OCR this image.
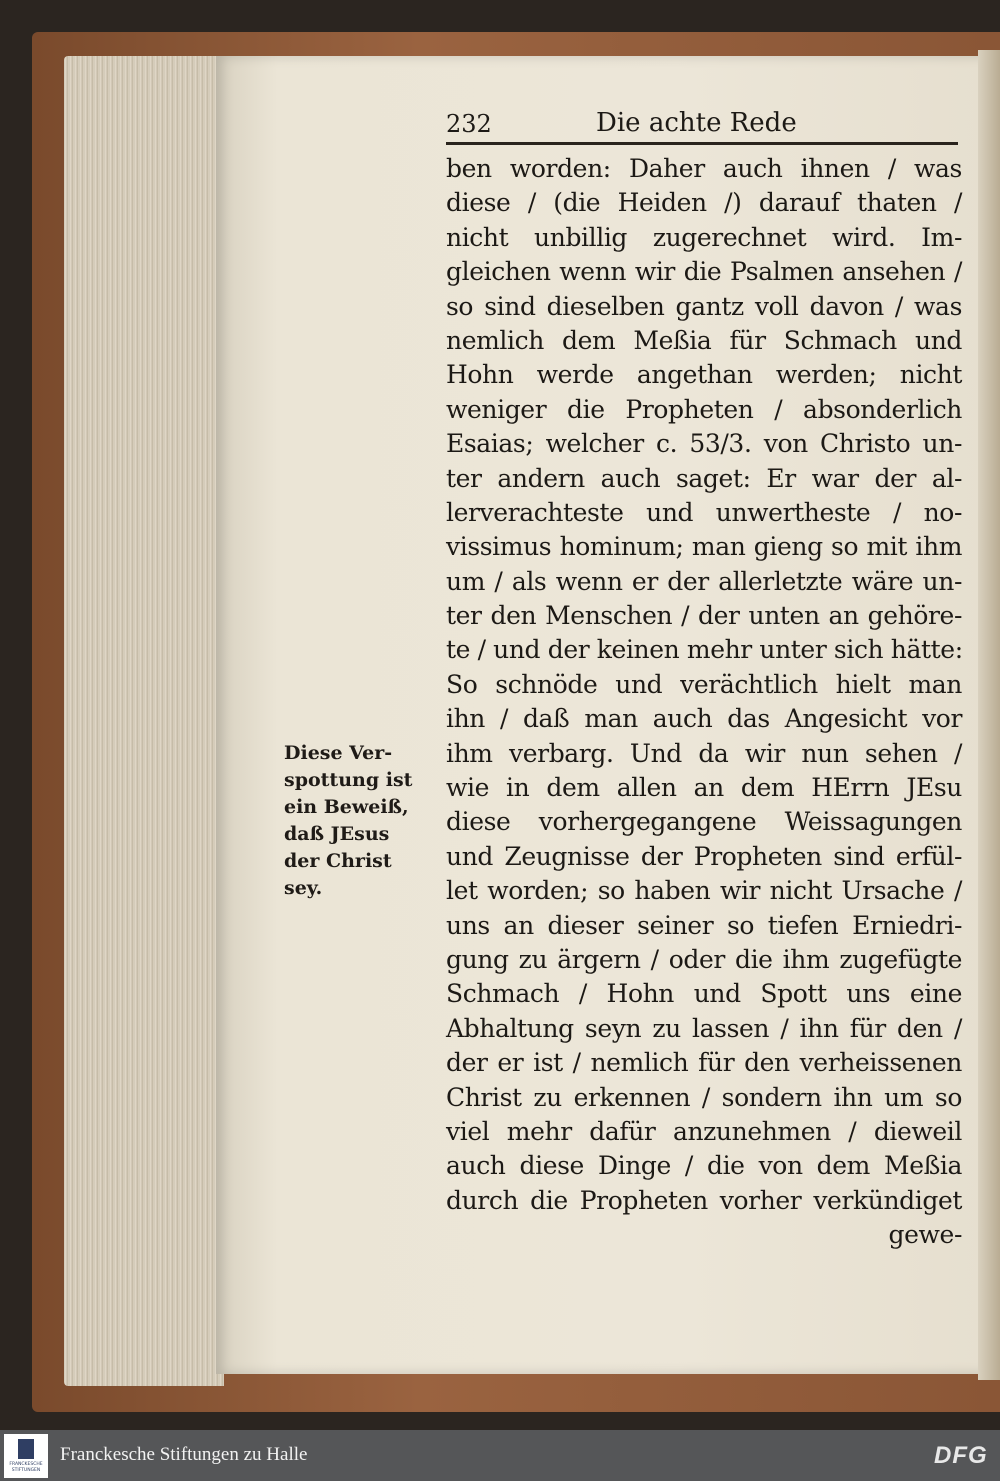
232	Die achte Rede
ben worden: Daher auch ihnen / was
diese / (die Heiden /) darauf thaten /
nicht unbillig zugerechnet wird. Im-
gleichen wenn wir die Psalmen ansehen /
so sind dieselben gantz voll davon / was
nemlich dem Meßia für Schmach und
Hohn werde angethan werden; nicht
weniger die Propheten / absonderlich
Esaias; welcher c. 53/3. von Christo un-
ter andern auch saget: Er war der al-
lerverachteste und unwertheste / no-
vissimus hominum; man gieng so mit ihm
um / als wenn er der allerletzte wäre un-
ter den Menschen / der unten an gehöre-
te / und der keinen mehr unter sich hätte:
So schnöde und verächtlich hielt man
ihn / daß man auch das Angesicht vor
ihm verbarg. Und da wir nun sehen /
wie in dem allen an dem HErrn JEsu
diese vorhergegangene Weissagungen
und Zeugnisse der Propheten sind erfül-
let worden; so haben wir nicht Ursache /
uns an dieser seiner so tiefen Erniedri-
gung zu ärgern / oder die ihm zugefügte
Schmach / Hohn und Spott uns eine
Abhaltung seyn zu lassen / ihn für den /
der er ist / nemlich für den verheissenen
Christ zu erkennen / sondern ihn um so
viel mehr dafür anzunehmen / dieweil
auch diese Dinge / die von dem Meßia
durch die Propheten vorher verkündiget
gewe-
Diese Ver-
spottung ist
ein Beweiß,
daß JEsus
der Christ
sey.
FRANCKESCHE
STIFTUNGEN
Franckesche Stiftungen zu Halle	DFG
